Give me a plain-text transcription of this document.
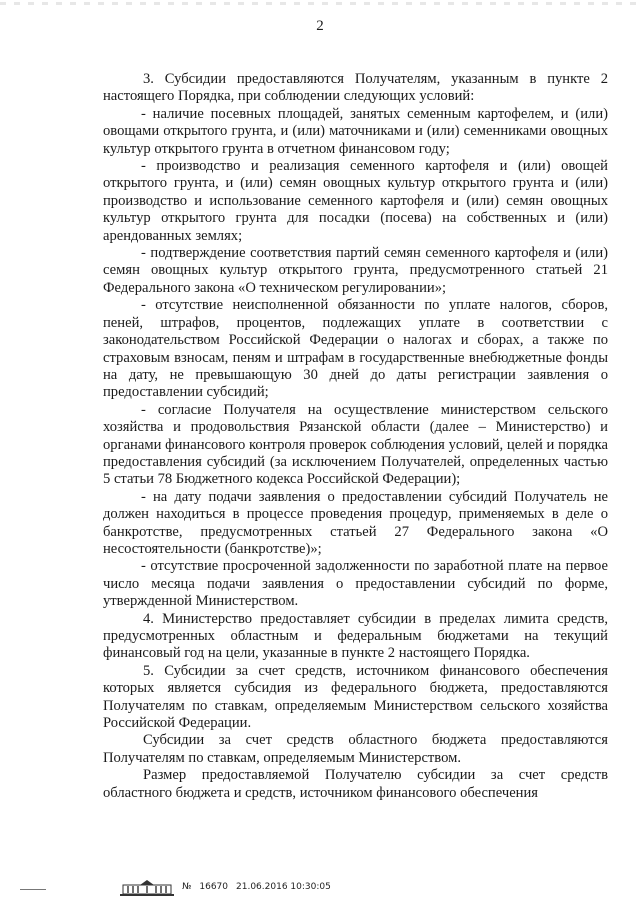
2

3. Субсидии предоставляются Получателям, указанным в пункте 2 настоящего Порядка, при соблюдении следующих условий:

- наличие посевных площадей, занятых семенным картофелем, и (или) овощами открытого грунта, и (или) маточниками и (или) семенниками овощных культур открытого грунта в отчетном финансовом году;

- производство и реализация семенного картофеля и (или) овощей открытого грунта, и (или) семян овощных культур открытого грунта и (или) производство и использование семенного картофеля и (или) семян овощных культур открытого грунта для посадки (посева) на собственных и (или) арендованных землях;

- подтверждение соответствия партий семян семенного картофеля и (или) семян овощных культур открытого грунта, предусмотренного статьей 21 Федерального закона «О техническом регулировании»;

- отсутствие неисполненной обязанности по уплате налогов, сборов, пеней, штрафов, процентов, подлежащих уплате в соответствии с законодательством Российской Федерации о налогах и сборах, а также по страховым взносам, пеням и штрафам в государственные внебюджетные фонды на дату, не превышающую 30 дней до даты регистрации заявления о предоставлении субсидий;

- согласие Получателя на осуществление министерством сельского хозяйства и продовольствия Рязанской области (далее – Министерство) и органами финансового контроля проверок соблюдения условий, целей и порядка предоставления субсидий (за исключением Получателей, определенных частью 5 статьи 78 Бюджетного кодекса Российской Федерации);

- на дату подачи заявления о предоставлении субсидий Получатель не должен находиться в процессе проведения процедур, применяемых в деле о банкротстве, предусмотренных статьей 27 Федерального закона «О несостоятельности (банкротстве)»;

- отсутствие просроченной задолженности по заработной плате на первое число месяца подачи заявления о предоставлении субсидий по форме, утвержденной Министерством.

4. Министерство предоставляет субсидии в пределах лимита средств, предусмотренных областным и федеральным бюджетами на текущий финансовый год на цели, указанные в пункте 2 настоящего Порядка.

5. Субсидии за счет средств, источником финансового обеспечения которых является субсидия из федерального бюджета, предоставляются Получателям по ставкам, определяемым Министерством сельского хозяйства Российской Федерации.

Субсидии за счет средств областного бюджета предоставляются Получателям по ставкам, определяемым Министерством.

Размер предоставляемой Получателю субсидии за счет средств областного бюджета и средств, источником финансового обеспечения

№ 16670 21.06.2016 10:30:05
